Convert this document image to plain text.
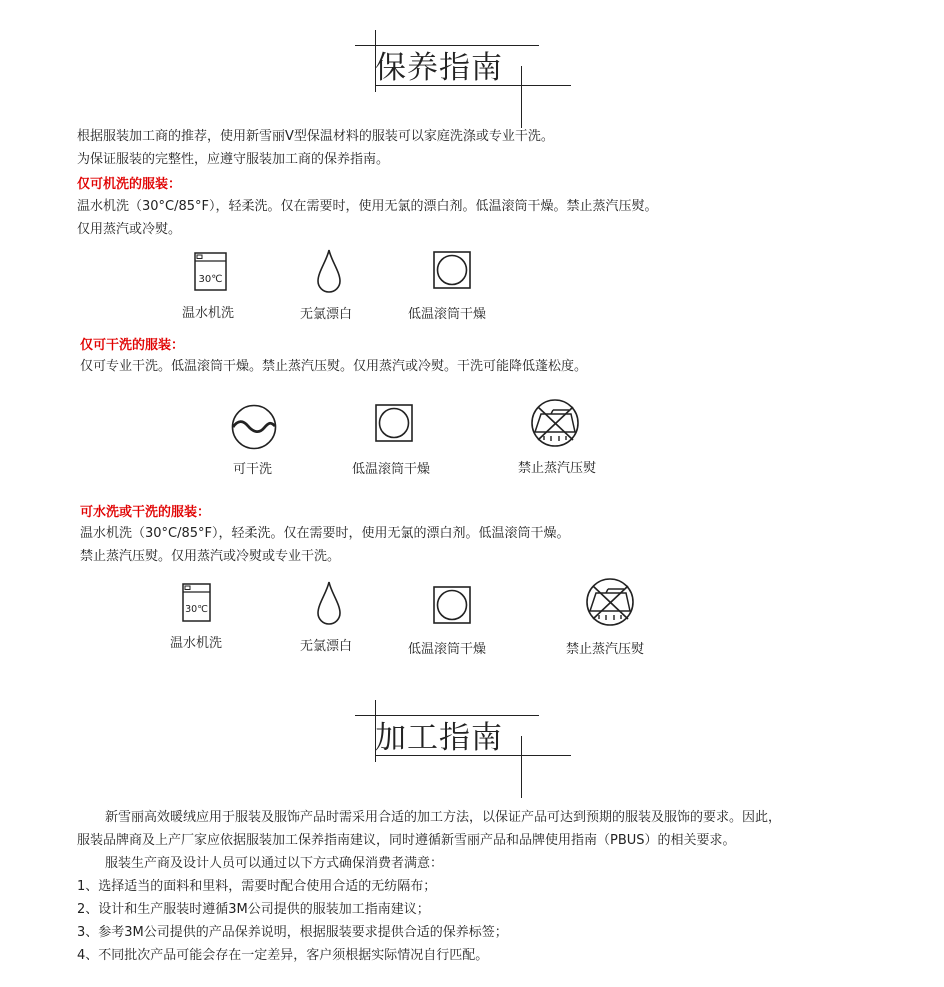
保养指南
根据服装加工商的推荐，使用新雪丽V型保温材料的服装可以家庭洗涤或专业干洗。
为保证服装的完整性，应遵守服装加工商的保养指南。
仅可机洗的服装：
温水机洗（30°C/85°F），轻柔洗。仅在需要时，使用无氯的漂白剂。低温滚筒干燥。禁止蒸汽压熨。
仅用蒸汽或冷熨。
30℃
温水机洗	无氯漂白	低温滚筒干燥
仅可干洗的服装：
仅可专业干洗。低温滚筒干燥。禁止蒸汽压熨。仅用蒸汽或冷熨。干洗可能降低蓬松度。
可干洗	低温滚筒干燥	禁止蒸汽压熨
可水洗或干洗的服装：
温水机洗（30°C/85°F），轻柔洗。仅在需要时，使用无氯的漂白剂。低温滚筒干燥。
禁止蒸汽压熨。仅用蒸汽或冷熨或专业干洗。
30℃
温水机洗	无氯漂白	低温滚筒干燥	禁止蒸汽压熨
加工指南
新雪丽高效暖绒应用于服装及服饰产品时需采用合适的加工方法，以保证产品可达到预期的服装及服饰的要求。因此，
服装品牌商及上产厂家应依据服装加工保养指南建议，同时遵循新雪丽产品和品牌使用指南（PBUS）的相关要求。
服装生产商及设计人员可以通过以下方式确保消费者满意：
1、选择适当的面料和里料，需要时配合使用合适的无纺隔布；
2、设计和生产服装时遵循3M公司提供的服装加工指南建议；
3、参考3M公司提供的产品保养说明，根据服装要求提供合适的保养标签；
4、不同批次产品可能会存在一定差异，客户须根据实际情况自行匹配。
